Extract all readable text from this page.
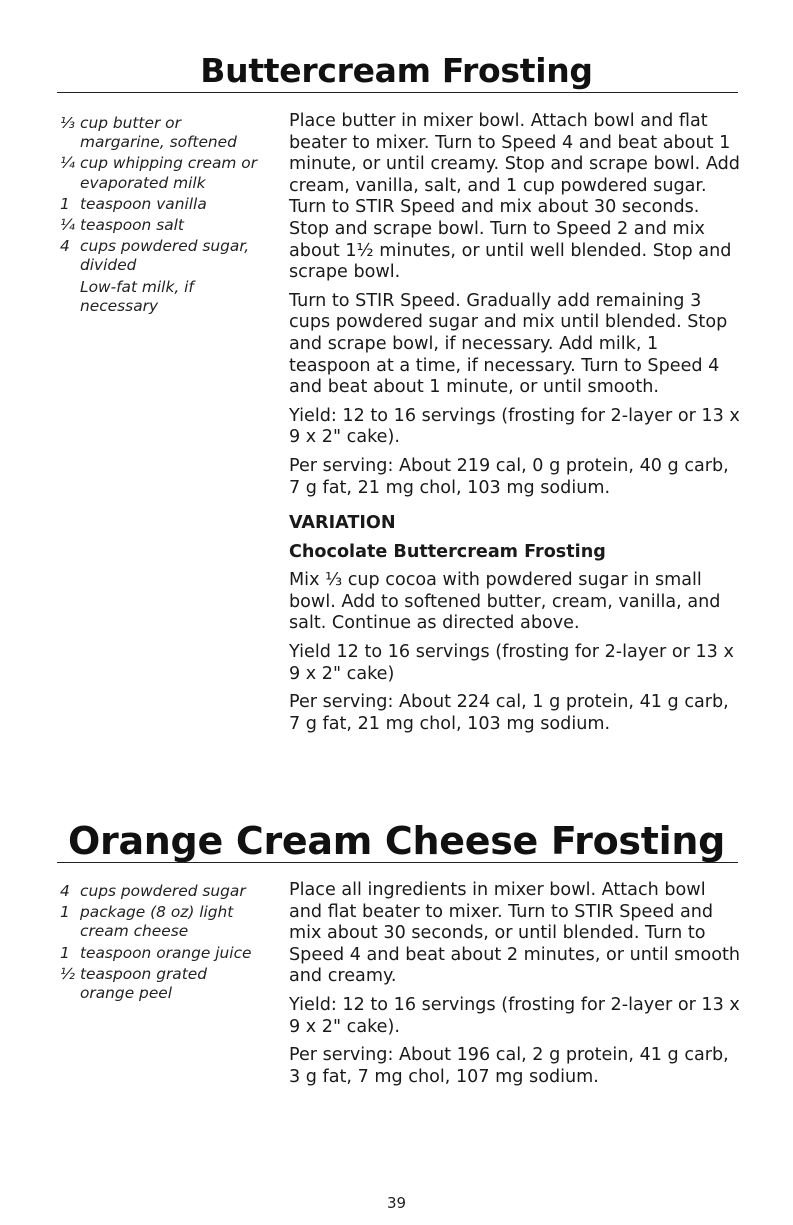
Buttercream Frosting
⅓ cup butter or margarine, softened
¼ cup whipping cream or evaporated milk
1 teaspoon vanilla
¼ teaspoon salt
4 cups powdered sugar, divided
Low-fat milk, if necessary

Place butter in mixer bowl. Attach bowl and flat beater to mixer. Turn to Speed 4 and beat about 1 minute, or until creamy. Stop and scrape bowl. Add cream, vanilla, salt, and 1 cup powdered sugar. Turn to STIR Speed and mix about 30 seconds. Stop and scrape bowl. Turn to Speed 2 and mix about 1½ minutes, or until well blended. Stop and scrape bowl.

Turn to STIR Speed. Gradually add remaining 3 cups powdered sugar and mix until blended. Stop and scrape bowl, if necessary. Add milk, 1 teaspoon at a time, if necessary. Turn to Speed 4 and beat about 1 minute, or until smooth.

Yield: 12 to 16 servings (frosting for 2-layer or 13 x 9 x 2" cake).

Per serving: About 219 cal, 0 g protein, 40 g carb, 7 g fat, 21 mg chol, 103 mg sodium.

VARIATION

Chocolate Buttercream Frosting

Mix ⅓ cup cocoa with powdered sugar in small bowl. Add to softened butter, cream, vanilla, and salt. Continue as directed above.

Yield 12 to 16 servings (frosting for 2-layer or 13 x 9 x 2" cake)

Per serving: About 224 cal, 1 g protein, 41 g carb, 7 g fat, 21 mg chol, 103 mg sodium.

Orange Cream Cheese Frosting
4 cups powdered sugar
1 package (8 oz) light cream cheese
1 teaspoon orange juice
½ teaspoon grated orange peel

Place all ingredients in mixer bowl. Attach bowl and flat beater to mixer. Turn to STIR Speed and mix about 30 seconds, or until blended. Turn to Speed 4 and beat about 2 minutes, or until smooth and creamy.

Yield: 12 to 16 servings (frosting for 2-layer or 13 x 9 x 2" cake).

Per serving: About 196 cal, 2 g protein, 41 g carb, 3 g fat, 7 mg chol, 107 mg sodium.

39
